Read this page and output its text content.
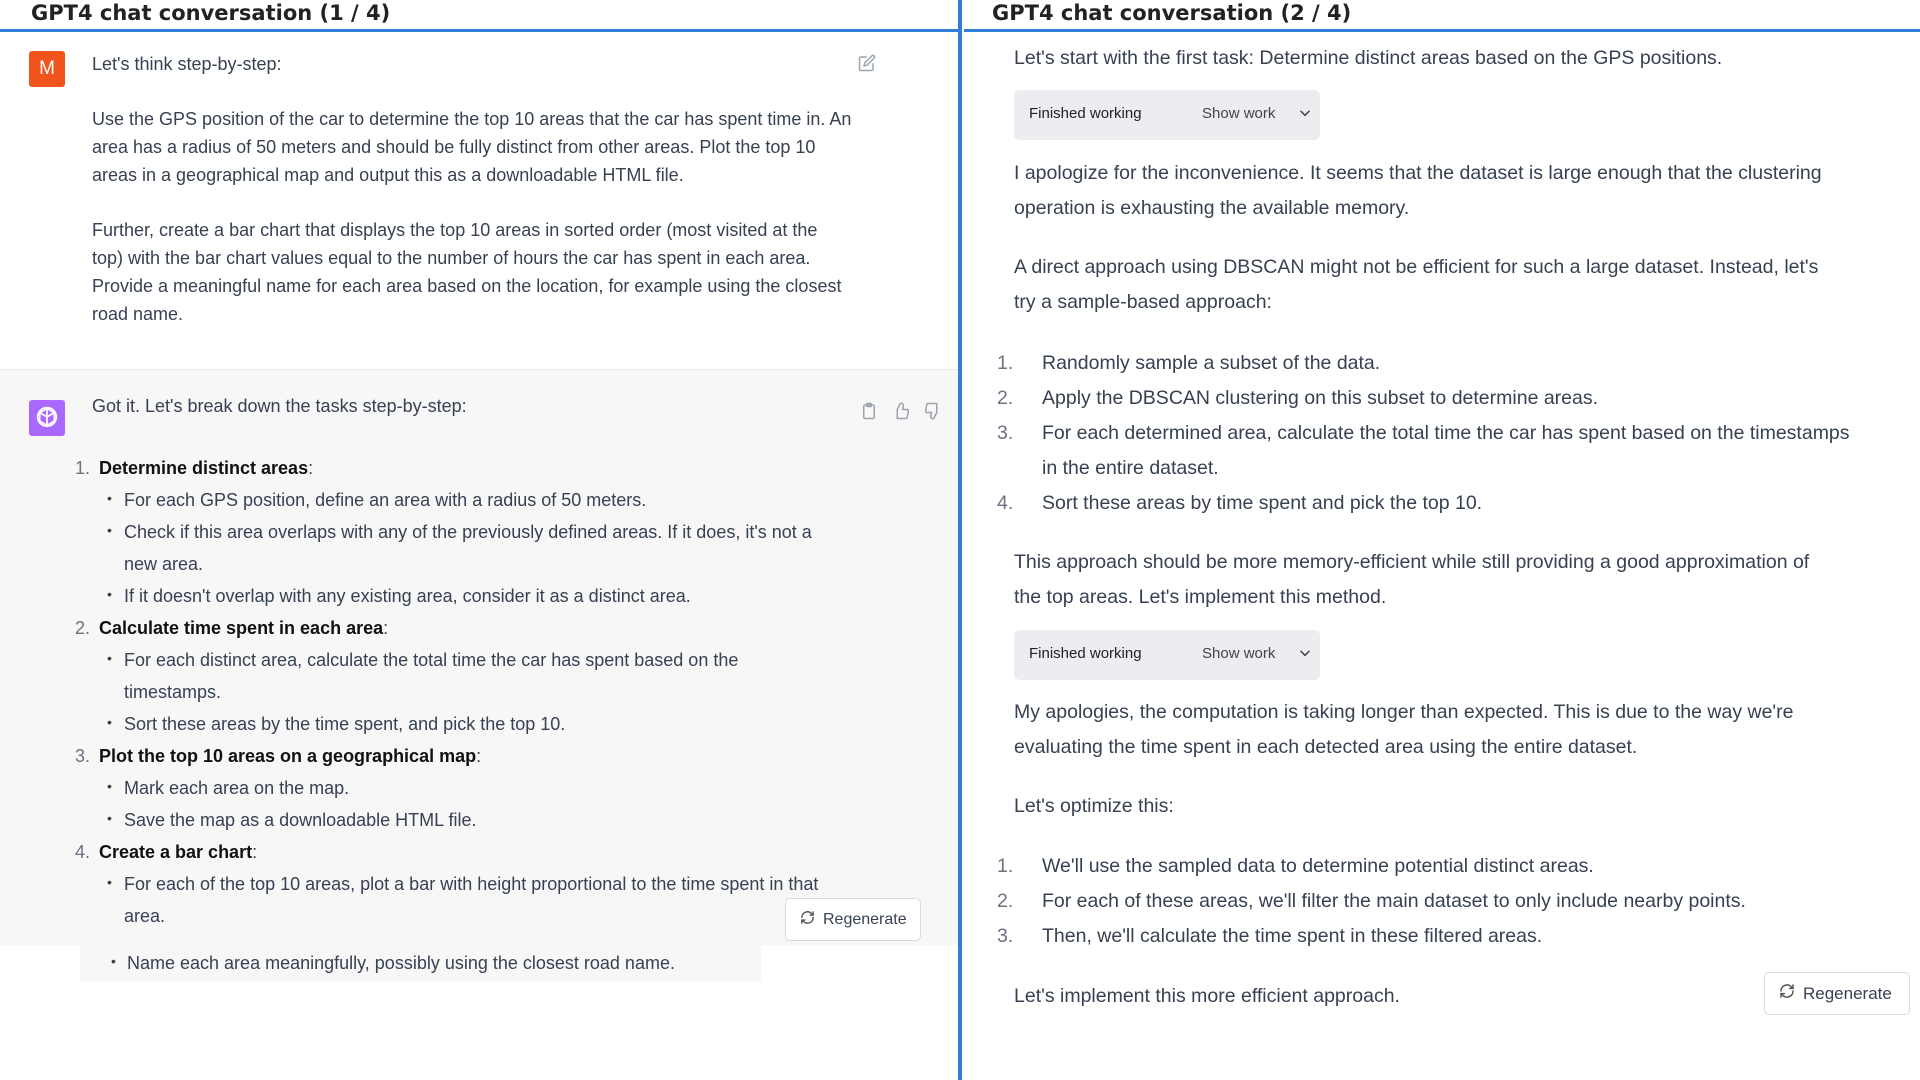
GPT4 chat conversation (1 / 4)
M	Let's think step-by-step:

Use the GPS position of the car to determine the top 10 areas that the car has spent time in. An area has a radius of 50 meters and should be fully distinct from other areas. Plot the top 10 areas in a geographical map and output this as a downloadable HTML file.

Further, create a bar chart that displays the top 10 areas in sorted order (most visited at the top) with the bar chart values equal to the number of hours the car has spent in each area. Provide a meaningful name for each area based on the location, for example using the closest road name.

Got it. Let's break down the tasks step-by-step:
1. Determine distinct areas:
• For each GPS position, define an area with a radius of 50 meters.
• Check if this area overlaps with any of the previously defined areas. If it does, it's not a new area.
• If it doesn't overlap with any existing area, consider it as a distinct area.
2. Calculate time spent in each area:
• For each distinct area, calculate the total time the car has spent based on the timestamps.
• Sort these areas by the time spent, and pick the top 10.
3. Plot the top 10 areas on a geographical map:
• Mark each area on the map.
• Save the map as a downloadable HTML file.
4. Create a bar chart:
• For each of the top 10 areas, plot a bar with height proportional to the time spent in that area.
• Name each area meaningfully, possibly using the closest road name.
GPT4 chat conversation (2 / 4)
Let's start with the first task: Determine distinct areas based on the GPS positions.
Finished working	Show work
I apologize for the inconvenience. It seems that the dataset is large enough that the clustering operation is exhausting the available memory.
A direct approach using DBSCAN might not be efficient for such a large dataset. Instead, let's try a sample-based approach:
1. Randomly sample a subset of the data.
2. Apply the DBSCAN clustering on this subset to determine areas.
3. For each determined area, calculate the total time the car has spent based on the timestamps in the entire dataset.
4. Sort these areas by time spent and pick the top 10.
This approach should be more memory-efficient while still providing a good approximation of the top areas. Let's implement this method.
Finished working	Show work
My apologies, the computation is taking longer than expected. This is due to the way we're evaluating the time spent in each detected area using the entire dataset.
Let's optimize this:
1. We'll use the sampled data to determine potential distinct areas.
2. For each of these areas, we'll filter the main dataset to only include nearby points.
3. Then, we'll calculate the time spent in these filtered areas.
Let's implement this more efficient approach.
Regenerate
Regenerate
